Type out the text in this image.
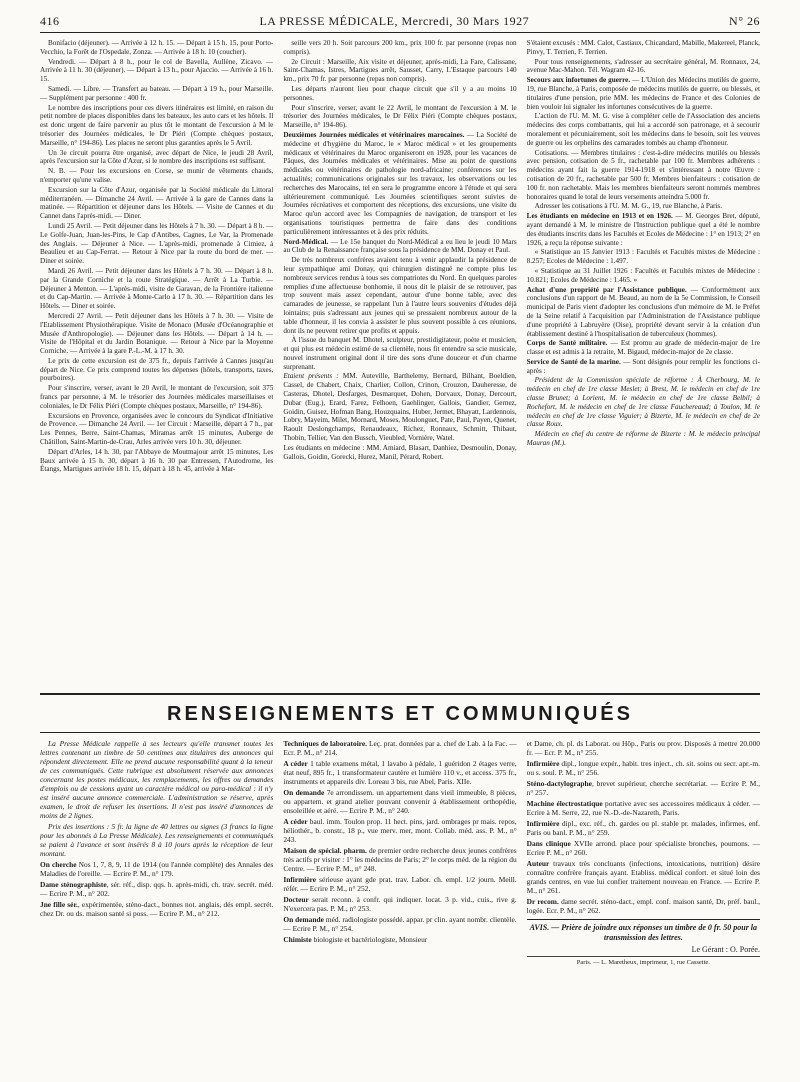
416	LA PRESSE MÉDICALE, Mercredi, 30 Mars 1927	N° 26

Bonifacio (déjeuner). — Arrivée à 12 h. 15. — Départ à 15 h. 15, pour Porto-Vecchio, la Forêt de l'Ospedale, Zonza. — Arrivée à 18 h. 10 (coucher).

Vendredi. — Départ à 8 h., pour le col de Bavella, Aullène, Zicavo. — Arrivée à 11 h. 30 (déjeuner). — Départ à 13 h., pour Ajaccio. — Arrivée à 16 h. 15.

Samedi. — Libre. — Transfert au bateau. — Départ à 19 h., pour Marseille. — Supplément par personne : 400 fr.

Le nombre des inscriptions pour ces divers itinéraires est limité, en raison du petit nombre de places disponibles dans les bateaux, les auto cars et les hôtels. Il est donc urgent de faire parvenir au plus tôt le montant de l'excursion à M le trésorier des Journées médicales, le Dr Piéri (Compte chèques postaux, Marseille, n° 194-86). Les places ne seront plus garanties après le 5 Avril.

Un 3e circuit pourra être organisé, avec départ de Nice, le jeudi 28 Avril, après l'excursion sur la Côte d'Azur, si le nombre des inscriptions est suffisant.

N. B. — Pour les excursions en Corse, se munir de vêtements chauds, n'emporter qu'une valise.

Excursion sur la Côte d'Azur, organisée par la Société médicale du Littoral méditerranéen. — Dimanche 24 Avril. — Arrivée à la gare de Cannes dans la matinée. — Répartition et déjeuner dans les Hôtels. — Visite de Cannes et du Cannet dans l'après-midi. — Diner.

Lundi 25 Avril. — Petit déjeuner dans les Hôtels à 7 h. 30. — Départ à 8 h. — Le Golfe-Juan, Juan-les-Pins, le Cap d'Antibes, Cagnes, Le Var, la Promenade des Anglais. — Déjeuner à Nice. — L'après-midi, promenade à Cimiez, à Beaulieu et au Cap-Ferrat. — Retour à Nice par la route du bord de mer. — Diner et soirée.

Mardi 26 Avril. — Petit déjeuner dans les Hôtels à 7 h. 30. — Départ à 8 h. par la Grande Corniche et la route Stratégique. — Arrêt à La Turbie. — Déjeuner à Menton. — L'après-midi, visite de Garavan, de la Frontière italienne et du Cap-Martin. — Arrivée à Monte-Carlo à 17 h. 30. — Répartition dans les Hôtels. — Diner et soirée.

Mercredi 27 Avril. — Petit déjeuner dans les Hôtels à 7 h. 30. — Visite de l'Etablissement Physiothérapique. Visite de Monaco (Musée d'Océanographie et Musée d'Anthropologie). — Déjeuner dans les Hôtels. — Départ à 14 h. — Visite de l'Hôpital et du Jardin Botanique. — Retour à Nice par la Moyenne Corniche. — Arrivée à la gare P.-L.-M. à 17 h. 30.

Le prix de cette excursion est de 375 fr., depuis l'arrivée à Cannes jusqu'au départ de Nice. Ce prix comprend toutes les dépenses (hôtels, transports, taxes, pourboires).

Pour s'inscrire, verser, avant le 20 Avril, le montant de l'excursion, soit 375 francs par personne, à M. le trésorier des Journées médicales marseillaises et coloniales, le Dr Félix Piéri (Compte chèques postaux, Marseille, n° 194-86).

Excursions en Provence, organisées avec le concours du Syndicat d'Initiative de Provence. — Dimanche 24 Avril. — 1er Circuit : Marseille, départ à 7 h., par Les Pennes, Berre, Saint-Chamas, Miramas arrêt 15 minutes, Auberge de Châtillon, Saint-Martin-de-Crau, Arles arrivée vers 10 h. 30, déjeuner.

Départ d'Arles, 14 h. 30, par l'Abbaye de Moutmajour arrêt 15 minutes, Les Baux arrivée à 15 h. 30, départ à 16 h. 30 par Entressen, l'Autodrome, les Étangs, Martigues arrivée 18 h. 15, départ à 18 h. 45, arrivée à Mar-

seille vers 20 h. Soit parcours 200 km., prix 100 fr. par personne (repas non compris).

2e Circuit : Marseille, Aix visite et déjeuner, après-midi, La Fare, Calissane, Saint-Chamas, Istres, Martigues arrêt, Sausset, Carry, L'Estaque parcours 140 km., prix 70 fr. par personne (repas non compris).

Les départs n'auront lieu pour chaque circuit que s'il y a au moins 10 personnes.

Pour s'inscrire, verser, avant le 22 Avril, le montant de l'excursion à M. le trésorier des Journées médicales, le Dr Félix Piéri (Compte chèques postaux, Marseille, n° 194-86).

Deuxièmes Journées médicales et vétérinaires marocaines. — La Société de médecine et d'hygiène du Maroc, le « Maroc médical » et les groupements médicaux et vétérinaires du Maroc organiseront en 1928, pour les vacances de Pâques, des Journées médicales et vétérinaires. Mise au point de questions médicales ou vétérinaires de pathologie nord-africaine; conférences sur les actualités; communications originales sur les travaux, les observations ou les recherches des Marocains, tel en sera le programme encore à l'étude et qui sera ultérieurement communiqué. Les Journées scientifiques seront suivies de Journées récréatives et comportent des réceptions, des excursions, une visite du Maroc qu'un accord avec les Compagnies de navigation, de transport et les organisations touristiques permettra de faire dans des conditions particulièrement intéressantes et à des prix réduits.

Nord-Médical. — Le 15e banquet du Nord-Médical a eu lieu le jeudi 10 Mars au Club de la Renaissance française sous la présidence de MM. Donay et Paul.

De très nombreux confrères avaient tenu à venir applaudir la présidence de leur sympathique ami Donay, qui chirurgien distingué ne compte plus les nombreux services rendus à tous ses compatriotes du Nord. En quelques paroles remplies d'une affectueuse bonhomie, il nous dit le plaisir de se retrouver, pas trop souvent mais assez cependant, autour d'une bonne table, avec des camarades de jeunesse, se rappelant l'un à l'autre leurs souvenirs d'études déjà lointains; puis s'adressant aux jeunes qui se pressaient nombreux autour de la table d'honneur, il les convia à assister le plus souvent possible à ces réunions, dont ils ne peuvent retirer que profits et appuis.

À l'issue du banquet M. Dhotel, sculpteur, prestidigitateur, poète et musicien, et qui plus est médecin estimé de sa clientèle, nous fit entendre sa scie musicale, nouvel instrument original dont il tire des sons d'une douceur et d'un charme surprenant.

Etaient présents : MM. Auteville, Barthelemy, Bernard, Bilhant, Boeldien, Cassel, de Chabert, Chaix, Charlier, Collon, Crinon, Crouzon, Dauheresse, de Casteras, Dhotel, Desfarges, Desmarquet, Dohen, Dorvaux, Donay, Dercourt, Dubar (Eug.), Erard, Farez, Felhoen, Gaehlinger, Gallois, Gandier, Gernez, Goidin, Guisez, Hofman Bang, Houzquains, Huber, Jermet, Bhayatt, Lardennois, Lobry, Mayeim, Milet, Mornard, Moses, Moulonguet, Pate, Paul, Payen, Quenet, Raoult Deslongchamps, Renaudeaux, Richez, Ronnaux, Schmitt, Thibaut, Thobin, Tellier, Van den Bussch, Vieubled, Vornière, Watel.

Les étudiants en médecine : MM. Amiard, Blasart, Danhiez, Desmoulin, Donay, Gallois, Goidin, Gorecki, Hurez, Manil, Pérard, Robert.

S'étaient excusés : MM. Calot, Castiaux, Chicandard, Mabille, Makereel, Planck, Pinvy, T. Terrien, F. Terrien.

Pour tous renseignements, s'adresser au secrétaire général, M. Ronnaux, 24, avenue Mac-Mahon. Tél. Wagram 42-16.

Secours aux infortunes de guerre. — L'Union des Médecins mutilés de guerre, 19, rue Blanche, à Paris, composée de médecins mutilés de guerre, ou blessés, et titulaires d'une pension, prie MM. les médecins de France et des Colonies de bien vouloir lui signaler les infortunes consécutives de la guerre.

L'action de l'U. M. M. G. vise à compléter celle de l'Association des anciens médecins des corps combattants, qui lui a accordé son patronage, et à secourir moralement et pécuniairement, soit les médecins dans le besoin, soit les veuves de guerre ou les orphelins des camarades tombés au champ d'honneur.

Cotisations. — Membres titulaires : c'est-à-dire médecins mutilés ou blessés avec pension, cotisation de 5 fr., rachetable par 100 fr. Membres adhérents : médecins ayant fait la guerre 1914-1918 et s'intéressant à notre Œuvre : cotisation de 20 fr., rachetable par 500 fr. Membres bienfaiteurs : cotisation de 100 fr. non rachetable. Mais les membres bienfaiteurs seront nommés membres honoraires quand le total de leurs versements atteindra 5.000 fr.

Adresser les cotisations à l'U. M. M. G., 19, rue Blanche, à Paris.

Les étudiants en médecine en 1913 et en 1926. — M. Georges Bret, député, ayant demandé à M. le ministre de l'Instruction publique quel a été le nombre des étudiants inscrits dans les Facultés et Ecoles de Médecine : 1° en 1913; 2° en 1926, a reçu la réponse suivante :

« Statistique au 15 Janvier 1913 : Facultés et Facultés mixtes de Médecine : 8.257; Ecoles de Médecine : 1.497.

« Statistique au 31 Juillet 1926 : Facultés et Facultés mixtes de Médecine : 10.821; Ecoles de Médecine : 1.465. »

Achat d'une propriété par l'Assistance publique. — Conformément aux conclusions d'un rapport de M. Beaud, au nom de la 5e Commission, le Conseil municipal de Paris vient d'adopter les conclusions d'un mémoire de M. le Préfet de la Seine relatif à l'acquisition par l'Administration de l'Assistance publique d'une propriété à Labruyère (Oise), propriété devant servir à la création d'un établissement destiné à l'hospitalisation de tuberculeux (hommes).

Corps de Santé militaire. — Est promu au grade de médecin-major de 1re classe et est admis à la retraite, M. Bigaud, médecin-major de 2e classe.

Service de Santé de la marine. — Sont désignés pour remplir les fonctions ci-après :

Président de la Commission spéciale de réforme : À Cherbourg, M. le médecin en chef de 1re classe Meslet; à Brest, M. le médecin en chef de 1re classe Brunet; à Lorient, M. le médecin en chef de 1re classe Belbil; à Rochefort, M. le médecin en chef de 1re classe Fauchereaud; à Toulon, M. le médecin en chef de 1re classe Viguier; à Bizerte, M. le médecin en chef de 2e classe Roux.

Médecin en chef du centre de réforme de Bizerte : M. le médecin principal Mauran (M.).

RENSEIGNEMENTS ET COMMUNIQUÉS

La Presse Médicale rappelle à ses lecteurs qu'elle transmet toutes les lettres contenant un timbre de 50 centimes aux titulaires des annonces qui répondent directement. Elle ne prend aucune responsabilité quant à la teneur de ces communiqués. Cette rubrique est absolument réservée aux annonces concernant les postes médicaux, les remplacements, les offres ou demandes d'emplois ou de cessions ayant un caractère médical ou para-médical : il n'y est inséré aucune annonce commerciale. L'administration se réserve, après examen, le droit de refuser les insertions. Il n'est pas inséré d'annonces de moins de 2 lignes.

Prix des insertions : 5 fr. la ligne de 40 lettres ou signes (3 francs la ligne pour les abonnés à La Presse Médicale). Les renseignements et communiqués se paient à l'avance et sont insérés 8 à 10 jours après la réception de leur montant.

On cherche Nos 1, 7, 8, 9, 11 de 1914 (ou l'année complète) des Annales des Maladies de l'oreille. — Ecrire P. M., n° 179.

Dame sténographiste, sér. réf., disp. qqs. h. après-midi, ch. trav. secrét. méd. — Ecrire P. M., n° 202.

Jne fille sér., expérimentée, sténo-dact., bonnes not. anglais, dés empl. secrét. chez Dr. ou ds. maison santé si poss. — Ecrire P. M., n° 212.

Techniques de laboratoire. Leç. prat. données par a. chef de Lab. à la Fac. — Ecr. P. M., n° 214.

A céder 1 table examens métal, 1 lavabo à pédale, 1 guéridon 2 étages verre, état neuf, 895 fr., 1 transformateur cautère et lumière 110 v., et access. 375 fr., instruments et appareils div. Loreau 3 bis, rue Abel, Paris. XIIe.

On demande 7e arrondissem. un appartement dans vieil immeuble, 8 pièces, ou appartem. et grand atelier pouvant convenir à établissement orthopédie, ensoleillée et aéré. — Ecrire P. M., n° 240.

A céder baul. imm. Toulon prop. 11 hect. pins, jard. ombrages pr mais. repos, héliothér., b. constr., 18 p., vue merv. mer, mont. Collab. méd. ass. P. M., n° 243.

Maison de spécial. pharm. de premier ordre recherche deux jeunes confrères très actifs pr visiter : 1° les médecins de Paris; 2° le corps méd. de la région du Centre. — Ecrire P. M., n° 248.

Infirmière sérieuse ayant gde prat. trav. Labor. ch. empl. 1/2 journ. Meill. référ. — Ecrire P. M., n° 252.

Docteur serait reconn. à confr. qui indiquer. locat. 3 p. vid., cuis., rive g. N'exercera pas. P. M., n° 253.

On demande méd. radiologiste possédé. appar. pr clin. ayant nombr. clientèle. — Ecrire P. M., n° 254.

Chimiste biologiste et bactériologiste, Monsieur

et Dame, ch. pl. ds Laborat. ou Hôp., Paris ou prov. Disposés à mettre 20.000 fr. — Ecr. P. M., n° 255.

Infirmière dipl., longue expér., habit. tres inject., ch. sit. soins ou secr. apr.-m. ou s. soul. P. M., n° 256.

Sténo-dactylographe, brevet supérieur, cherche secrétariat. — Ecrire P. M., n° 257.

Machine électrostatique portative avec ses accessoires médicaux à céder. — Ecrire à M. Serre, 22, rue N.-D.-de-Nazareth, Paris.

Infirmière dipl., exc. réf., ch. gardes ou pl. stable pr. malades, infirmes, enf. Paris ou banl. P. M., n° 259.

Dans clinique XVIIe arrond. place pour spécialiste bronches, poumons. — Ecrire P. M., n° 260.

Auteur travaux très concluants (infections, intoxications, nutrition) désire connaître confrère français ayant. Etabliss. médical confort. et situé loin des grands centres, en vue lui confier traitement nouveau en France. — Ecrire P. M., n° 261.

Dr recom. dame secrét. sténo-dact., empl. conf. maison santé, Dr, préf. baul., logée. Ecr. P. M., n° 262.

AVIS. — Prière de joindre aux réponses un timbre de 0 fr. 50 pour la transmission des lettres.

Le Gérant : O. Porée.

Paris. — L. Maretheux, imprimeur, 1, rue Cassette.
